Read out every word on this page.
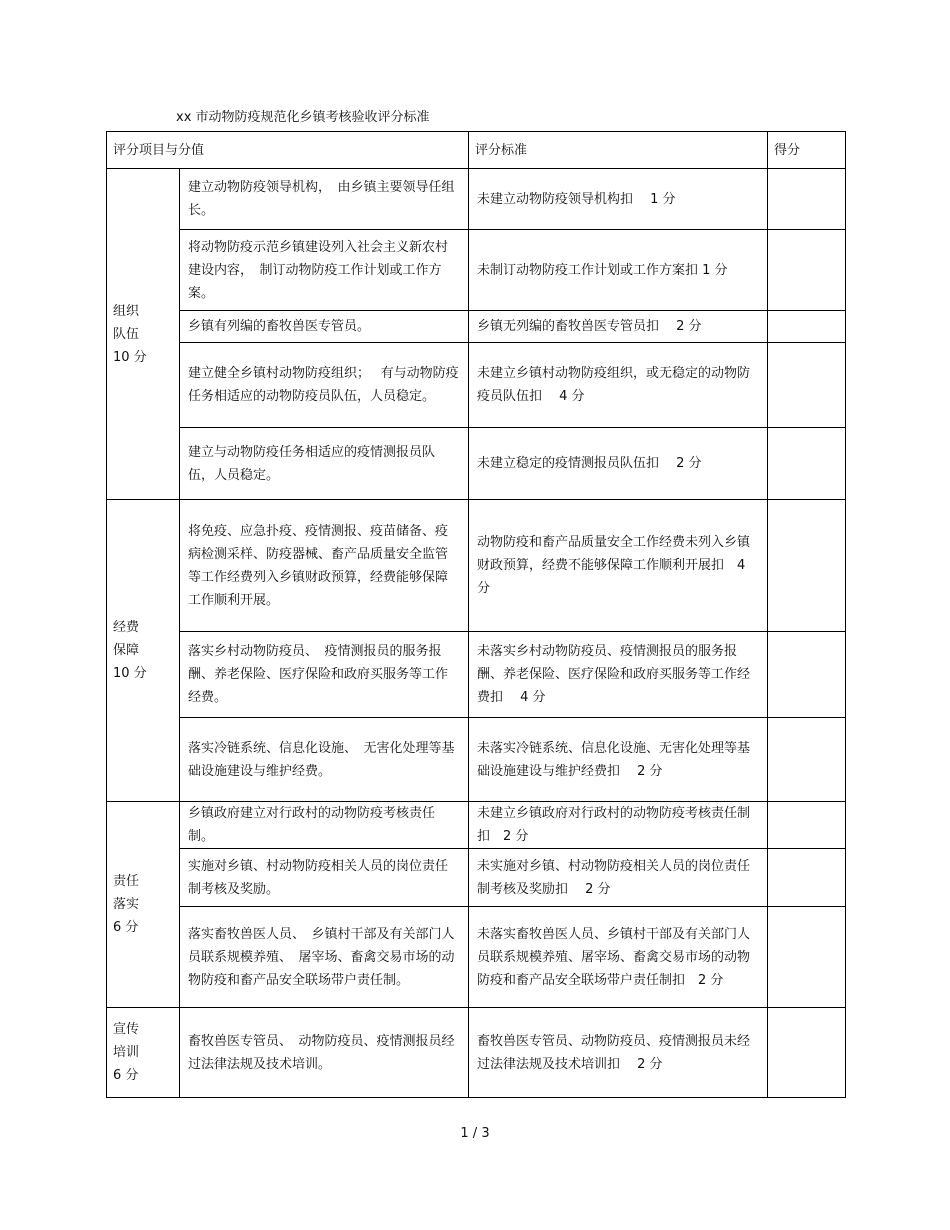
xx 市动物防疫规范化乡镇考核验收评分标准
评分项目与分值		评分标准	得分

组织
队伍
10 分	建立动物防疫领导机构，　由乡镇主要领导任组长。	未建立动物防疫领导机构扣　 1 分	
	将动物防疫示范乡镇建设列入社会主义新农村建设内容，　制订动物防疫工作计划或工作方案。	未制订动物防疫工作计划或工作方案扣 1 分	
	乡镇有列编的畜牧兽医专管员。	乡镇无列编的畜牧兽医专管员扣　 2 分	
	建立健全乡镇村动物防疫组织；　 有与动物防疫任务相适应的动物防疫员队伍，人员稳定。	未建立乡镇村动物防疫组织，或无稳定的动物防疫员队伍扣　 4 分	
	建立与动物防疫任务相适应的疫情测报员队伍，人员稳定。	未建立稳定的疫情测报员队伍扣　 2 分	

经费
保障
10 分	将免疫、应急扑疫、疫情测报、疫苗储备、疫病检测采样、防疫器械、畜产品质量安全监管等工作经费列入乡镇财政预算，经费能够保障工作顺利开展。	动物防疫和畜产品质量安全工作经费未列入乡镇财政预算，经费不能够保障工作顺利开展扣　4 分	
	落实乡村动物防疫员、　疫情测报员的服务报酬、养老保险、医疗保险和政府买服务等工作经费。	未落实乡村动物防疫员、疫情测报员的服务报酬、养老保险、医疗保险和政府买服务等工作经费扣　 4 分	
	落实冷链系统、信息化设施、　无害化处理等基础设施建设与维护经费。	未落实冷链系统、信息化设施、无害化处理等基础设施建设与维护经费扣　 2 分	

责任
落实
6 分	乡镇政府建立对行政村的动物防疫考核责任制。	未建立乡镇政府对行政村的动物防疫考核责任制扣　2 分	
	实施对乡镇、村动物防疫相关人员的岗位责任制考核及奖励。	未实施对乡镇、村动物防疫相关人员的岗位责任制考核及奖励扣　 2 分	
	落实畜牧兽医人员、　乡镇村干部及有关部门人员联系规模养殖、　屠宰场、畜禽交易市场的动物防疫和畜产品安全联场带户责任制。	未落实畜牧兽医人员、乡镇村干部及有关部门人员联系规模养殖、屠宰场、畜禽交易市场的动物防疫和畜产品安全联场带户责任制扣　2 分	

宣传
培训
6 分	畜牧兽医专管员、　动物防疫员、疫情测报员经过法律法规及技术培训。	畜牧兽医专管员、动物防疫员、疫情测报员未经过法律法规及技术培训扣　 2 分	
1 / 3
